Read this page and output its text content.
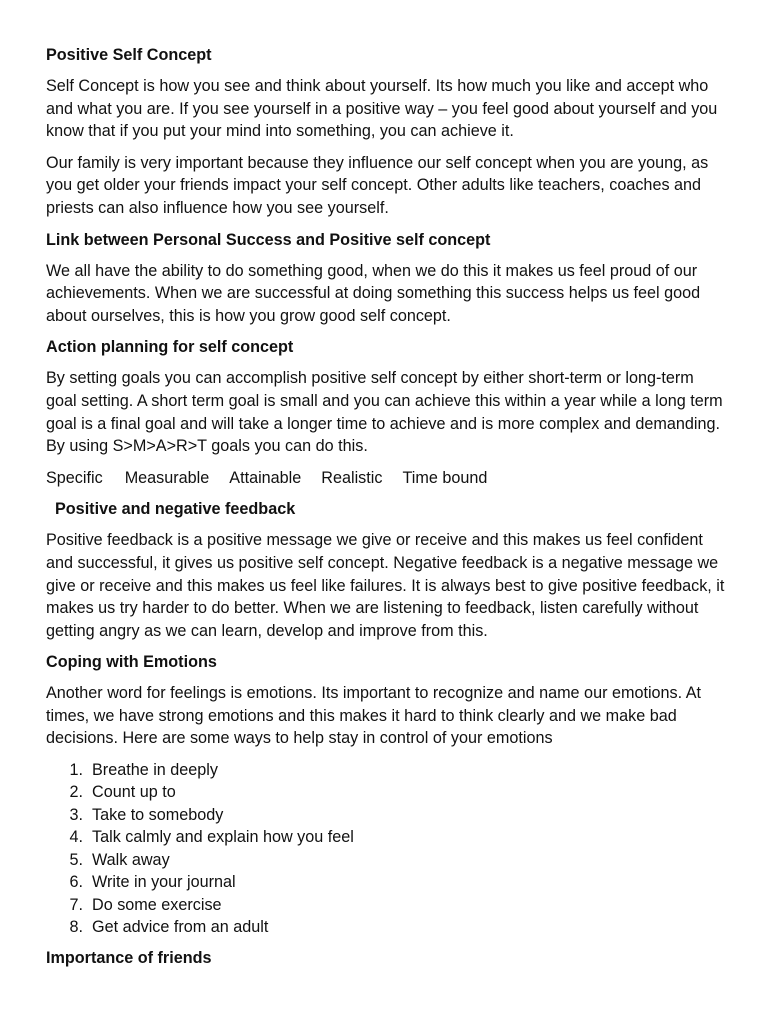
Positive Self Concept

Self Concept is how you see and think about yourself. Its how much you like and accept who and what you are. If you see yourself in a positive way – you feel good about yourself and you know that if you put your mind into something, you can achieve it.

Our family is very important because they influence our self concept when you are young, as you get older your friends impact your self concept. Other adults like teachers, coaches and priests can also influence how you see yourself.

Link between Personal Success and Positive self concept

We all have the ability to do something good, when we do this it makes us feel proud of our achievements. When we are successful at doing something this success helps us feel good about ourselves, this is how you grow good self concept.

Action planning for self concept

By setting goals you can accomplish positive self concept by either short-term or long-term goal setting. A short term goal is small and you can achieve this within a year while a long term goal is a final goal and will take a longer time to achieve and is more complex and demanding. By using S>M>A>R>T goals you can do this.

Specific Measurable Attainable Realistic Time bound
Positive and negative feedback

Positive feedback is a positive message we give or receive and this makes us feel confident and successful, it gives us positive self concept. Negative feedback is a negative message we give or receive and this makes us feel like failures. It is always best to give positive feedback, it makes us try harder to do better. When we are listening to feedback, listen carefully without getting angry as we can learn, develop and improve from this.

Coping with Emotions

Another word for feelings is emotions. Its important to recognize and name our emotions. At times, we have strong emotions and this makes it hard to think clearly and we make bad decisions. Here are some ways to help stay in control of your emotions

1. Breathe in deeply
2. Count up to
3. Take to somebody
4. Talk calmly and explain how you feel
5. Walk away
6. Write in your journal
7. Do some exercise
8. Get advice from an adult
Importance of friends
